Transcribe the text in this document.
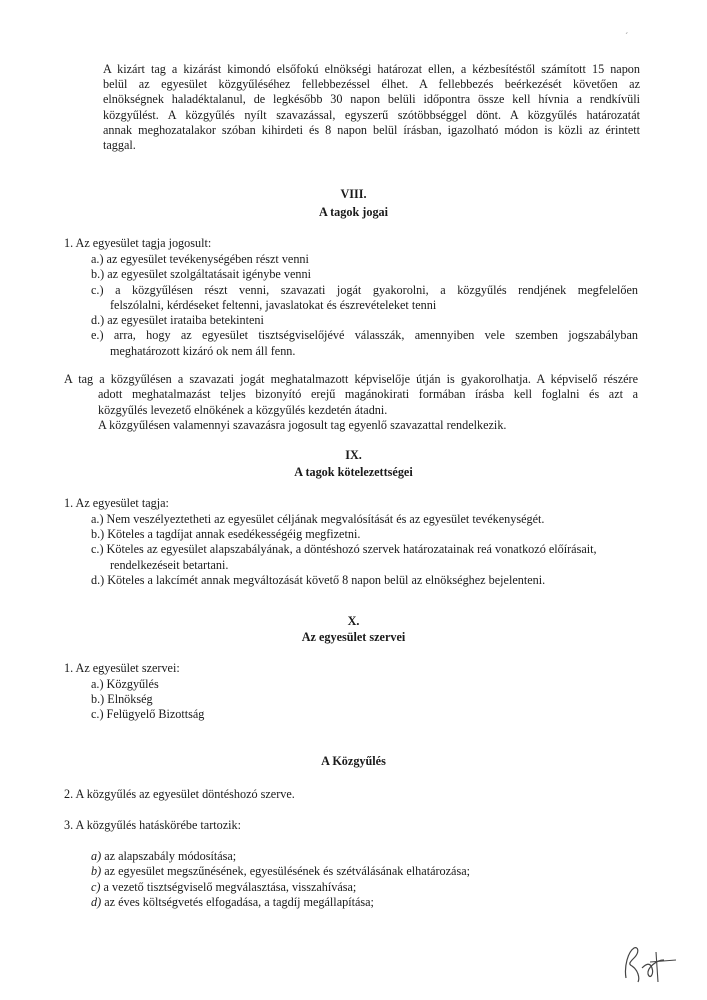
ˊ
A kizárt tag a kizárást kimondó elsőfokú elnökségi határozat ellen, a kézbesítéstől számított 15 napon
belül az egyesület közgyűléséhez fellebbezéssel élhet. A fellebbezés beérkezését követően az
elnökségnek haladéktalanul, de legkésőbb 30 napon belüli időpontra össze kell hívnia a rendkívüli
közgyűlést. A közgyűlés nyílt szavazással, egyszerű szótöbbséggel dönt. A közgyűlés határozatát
annak meghozatalakor szóban kihirdeti és 8 napon belül írásban, igazolható módon is közli az érintett
taggal.
VIII.
A tagok jogai
1. Az egyesület tagja jogosult:
a.) az egyesület tevékenységében részt venni
b.) az egyesület szolgáltatásait igénybe venni
c.) a közgyűlésen részt venni, szavazati jogát gyakorolni, a közgyűlés rendjének megfelelően
felszólalni, kérdéseket feltenni, javaslatokat és észrevételeket tenni
d.) az egyesület irataiba betekinteni
e.) arra, hogy az egyesület tisztségviselőjévé válasszák, amennyiben vele szemben jogszabályban
meghatározott kizáró ok nem áll fenn.
A tag a közgyűlésen a szavazati jogát meghatalmazott képviselője útján is gyakorolhatja. A képviselő részére
adott meghatalmazást teljes bizonyító erejű magánokirati formában írásba kell foglalni és azt a
közgyűlés levezető elnökének a közgyűlés kezdetén átadni.
A közgyűlésen valamennyi szavazásra jogosult tag egyenlő szavazattal rendelkezik.
IX.
A tagok kötelezettségei
1. Az egyesület tagja:
a.) Nem veszélyeztetheti az egyesület céljának megvalósítását és az egyesület tevékenységét.
b.) Köteles a tagdíjat annak esedékességéig megfizetni.
c.) Köteles az egyesület alapszabályának, a döntéshozó szervek határozatainak reá vonatkozó előírásait,
rendelkezéseit betartani.
d.) Köteles a lakcímét annak megváltozását követő 8 napon belül az elnökséghez bejelenteni.
X.
Az egyesület szervei
1. Az egyesület szervei:
a.) Közgyűlés
b.) Elnökség
c.) Felügyelő Bizottság
A Közgyűlés
2. A közgyűlés az egyesület döntéshozó szerve.
3. A közgyűlés hatáskörébe tartozik:
a) az alapszabály módosítása;
b) az egyesület megszűnésének, egyesülésének és szétválásának elhatározása;
c) a vezető tisztségviselő megválasztása, visszahívása;
d) az éves költségvetés elfogadása, a tagdíj megállapítása;
